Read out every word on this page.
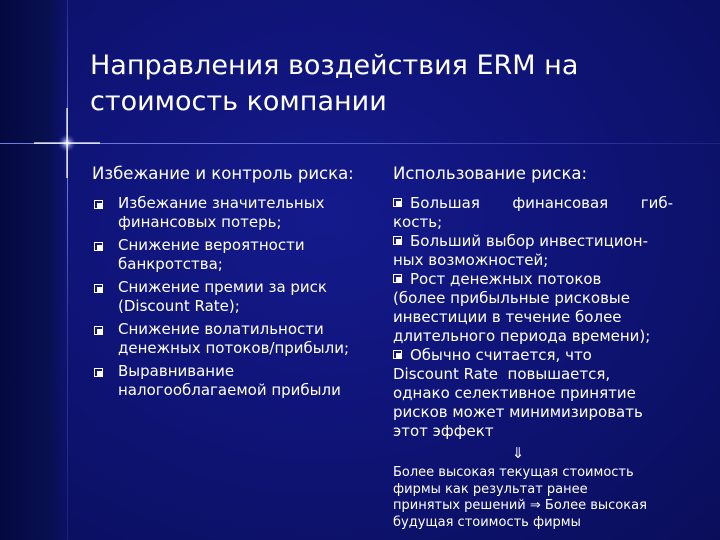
Направления воздействия ERM на
стоимость компании
Избежание и контроль риска:
Избежание значительных
финансовых потерь;
Снижение вероятности
банкротства;
Снижение премии за риск
(Discount Rate);
Снижение волатильности
денежных потоков/прибыли;
Выравнивание
налогооблагаемой прибыли
Использование риска:
Большая финансовая гиб-
кость;
Больший выбор инвестицион-
ных возможностей;
Рост денежных потоков
(более прибыльные рисковые
инвестиции в течение более
длительного периода времени);
Обычно считается, что
Discount Rate  повышается,
однако селективное принятие
рисков может минимизировать
этот эффект
⇓
Более высокая текущая стоимость
фирмы как результат ранее
принятых решений ⇒ Более высокая
будущая стоимость фирмы
